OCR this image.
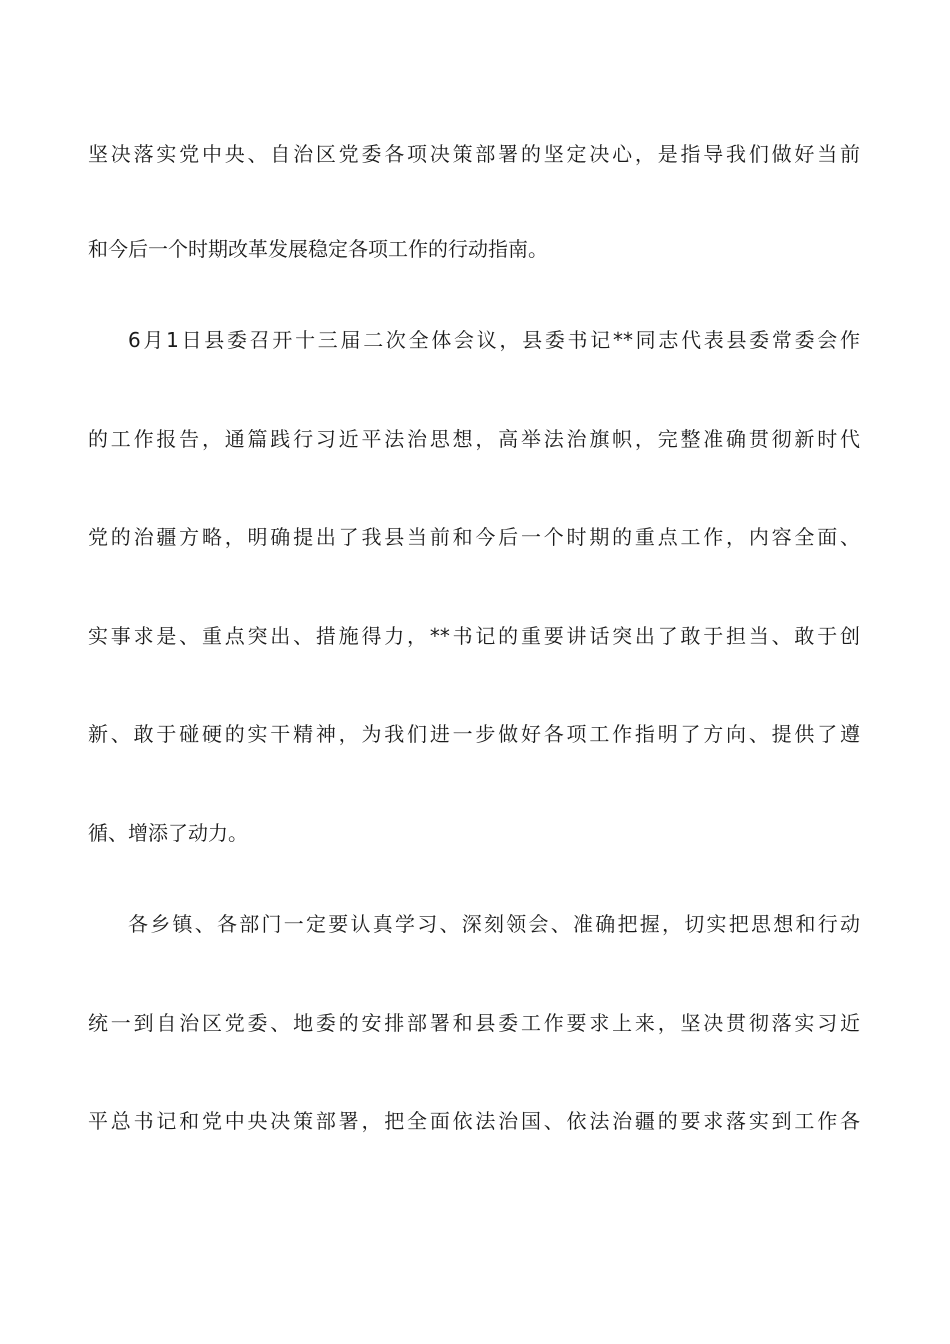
坚决落实党中央、自治区党委各项决策部署的坚定决心，是指导我们做好当前
和今后一个时期改革发展稳定各项工作的行动指南。
6月1日县委召开十三届二次全体会议，县委书记**同志代表县委常委会作
的工作报告，通篇践行习近平法治思想，高举法治旗帜，完整准确贯彻新时代
党的治疆方略，明确提出了我县当前和今后一个时期的重点工作，内容全面、
实事求是、重点突出、措施得力，**书记的重要讲话突出了敢于担当、敢于创
新、敢于碰硬的实干精神，为我们进一步做好各项工作指明了方向、提供了遵
循、增添了动力。
各乡镇、各部门一定要认真学习、深刻领会、准确把握，切实把思想和行动
统一到自治区党委、地委的安排部署和县委工作要求上来，坚决贯彻落实习近
平总书记和党中央决策部署，把全面依法治国、依法治疆的要求落实到工作各
